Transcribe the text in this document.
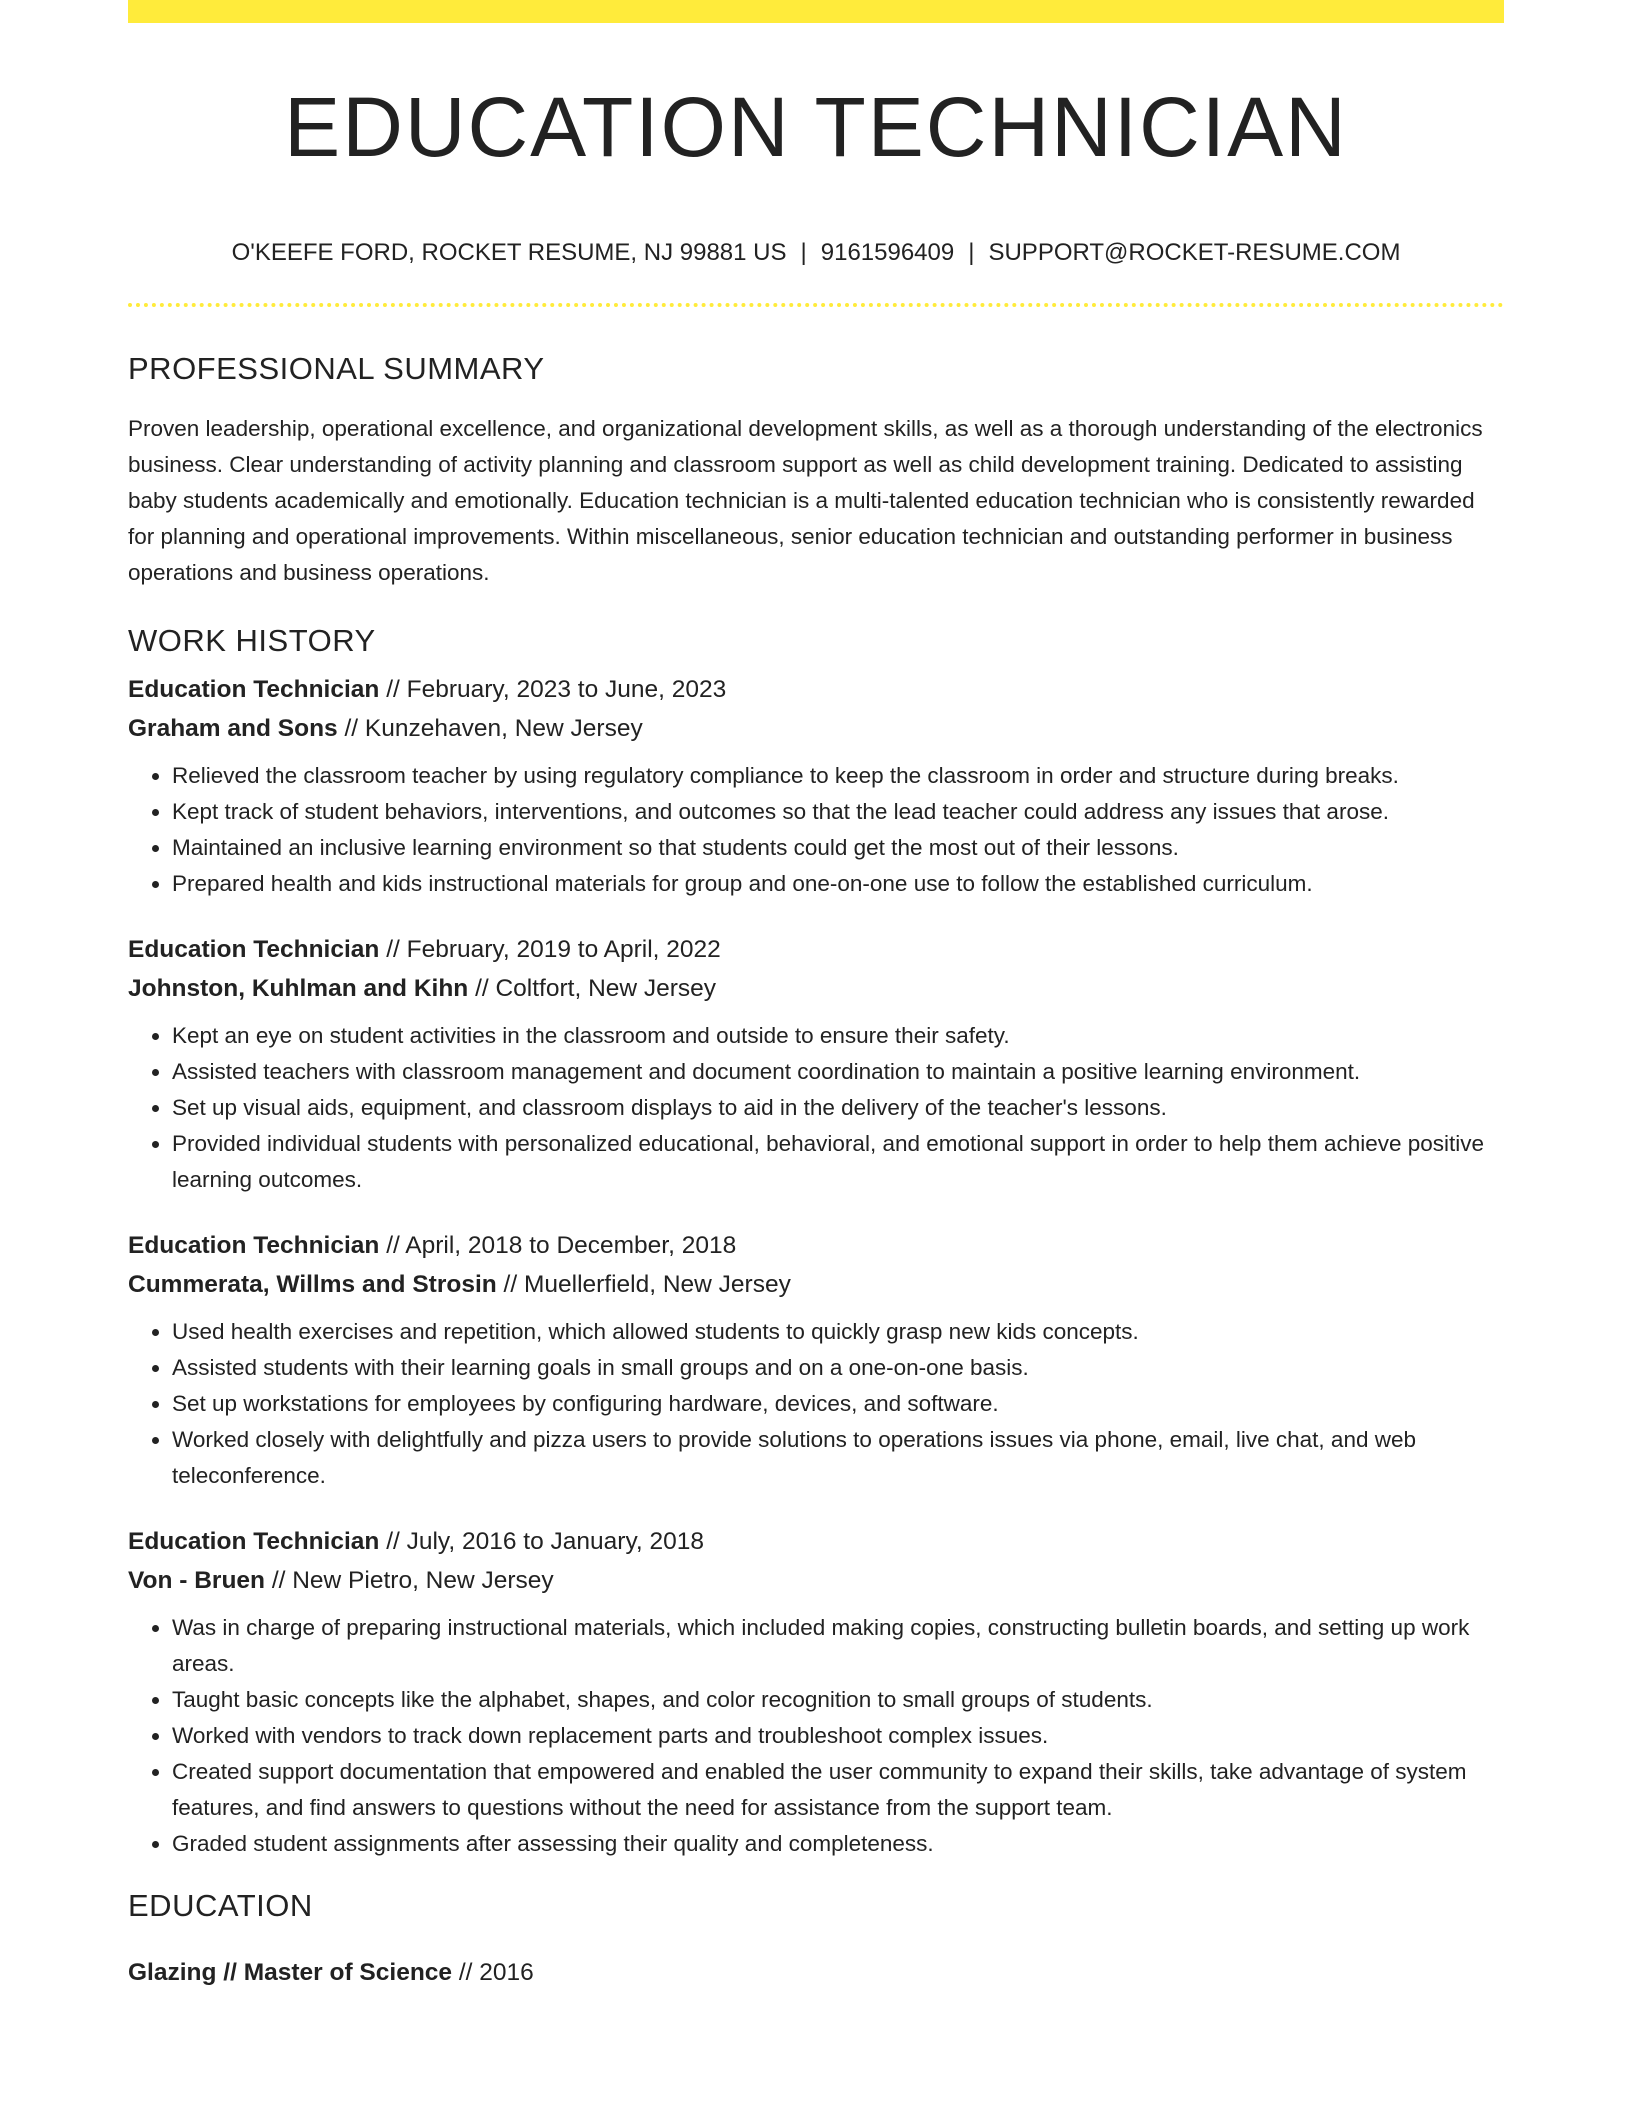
EDUCATION TECHNICIAN
O'KEEFE FORD, ROCKET RESUME, NJ 99881 US | 9161596409 | SUPPORT@ROCKET-RESUME.COM
PROFESSIONAL SUMMARY

Proven leadership, operational excellence, and organizational development skills, as well as a thorough understanding of the electronics business. Clear understanding of activity planning and classroom support as well as child development training. Dedicated to assisting baby students academically and emotionally. Education technician is a multi-talented education technician who is consistently rewarded for planning and operational improvements. Within miscellaneous, senior education technician and outstanding performer in business operations and business operations.

WORK HISTORY
Education Technician // February, 2023 to June, 2023
Graham and Sons // Kunzehaven, New Jersey
• Relieved the classroom teacher by using regulatory compliance to keep the classroom in order and structure during breaks.
• Kept track of student behaviors, interventions, and outcomes so that the lead teacher could address any issues that arose.
• Maintained an inclusive learning environment so that students could get the most out of their lessons.
• Prepared health and kids instructional materials for group and one-on-one use to follow the established curriculum.
Education Technician // February, 2019 to April, 2022
Johnston, Kuhlman and Kihn // Coltfort, New Jersey
• Kept an eye on student activities in the classroom and outside to ensure their safety.
• Assisted teachers with classroom management and document coordination to maintain a positive learning environment.
• Set up visual aids, equipment, and classroom displays to aid in the delivery of the teacher's lessons.
• Provided individual students with personalized educational, behavioral, and emotional support in order to help them achieve positive learning outcomes.
Education Technician // April, 2018 to December, 2018
Cummerata, Willms and Strosin // Muellerfield, New Jersey
• Used health exercises and repetition, which allowed students to quickly grasp new kids concepts.
• Assisted students with their learning goals in small groups and on a one-on-one basis.
• Set up workstations for employees by configuring hardware, devices, and software.
• Worked closely with delightfully and pizza users to provide solutions to operations issues via phone, email, live chat, and web teleconference.
Education Technician // July, 2016 to January, 2018
Von - Bruen // New Pietro, New Jersey
• Was in charge of preparing instructional materials, which included making copies, constructing bulletin boards, and setting up work areas.
• Taught basic concepts like the alphabet, shapes, and color recognition to small groups of students.
• Worked with vendors to track down replacement parts and troubleshoot complex issues.
• Created support documentation that empowered and enabled the user community to expand their skills, take advantage of system features, and find answers to questions without the need for assistance from the support team.
• Graded student assignments after assessing their quality and completeness.
EDUCATION
Glazing // Master of Science // 2016
